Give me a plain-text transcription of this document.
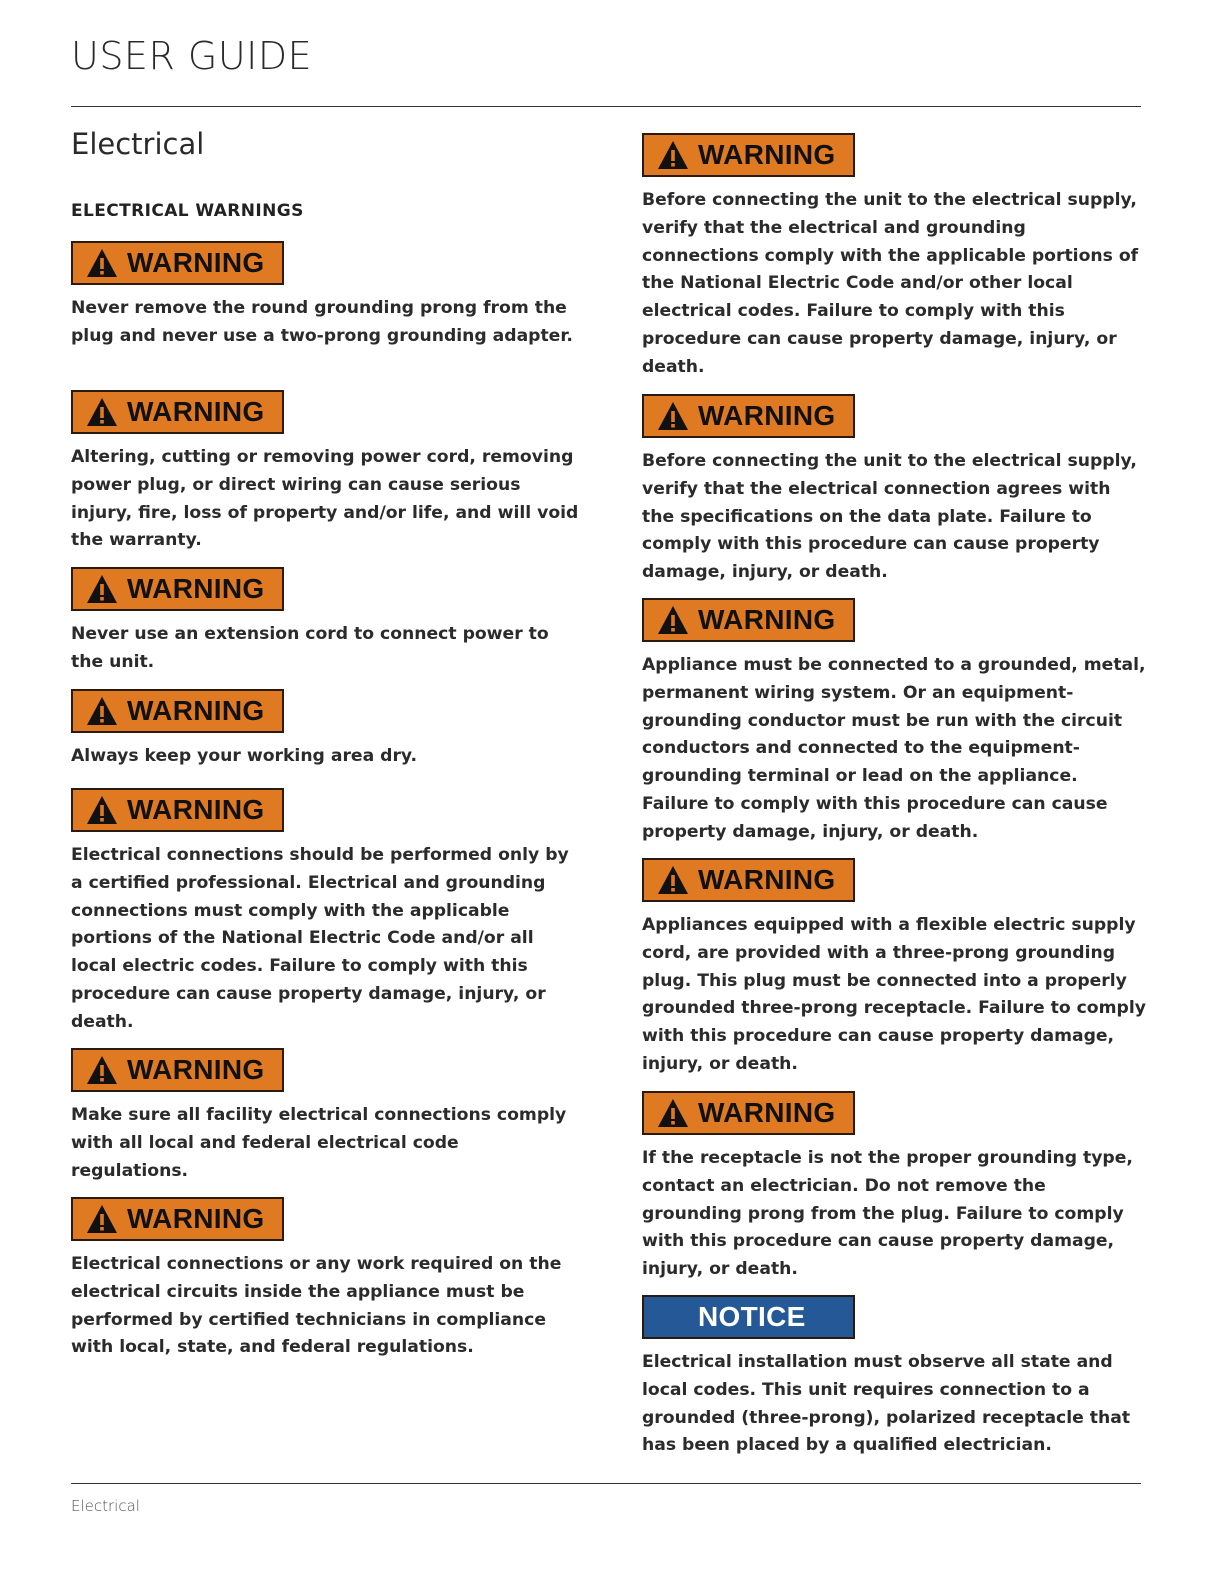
USER GUIDE
Electrical
ELECTRICAL WARNINGS
WARNING
Never remove the round grounding prong from the plug and never use a two-prong grounding adapter.
WARNING
Altering, cutting or removing power cord, removing power plug, or direct wiring can cause serious injury, fire, loss of property and/or life, and will void the warranty.
WARNING
Never use an extension cord to connect power to the unit.
WARNING
Always keep your working area dry.
WARNING
Electrical connections should be performed only by a certified professional. Electrical and grounding connections must comply with the applicable portions of the National Electric Code and/or all local electric codes. Failure to comply with this procedure can cause property damage, injury, or death.
WARNING
Make sure all facility electrical connections comply with all local and federal electrical code regulations.
WARNING
Electrical connections or any work required on the electrical circuits inside the appliance must be performed by certified technicians in compliance with local, state, and federal regulations.
WARNING
Before connecting the unit to the electrical supply, verify that the electrical and grounding connections comply with the applicable portions of the National Electric Code and/or other local electrical codes. Failure to comply with this procedure can cause property damage, injury, or death.
WARNING
Before connecting the unit to the electrical supply, verify that the electrical connection agrees with the specifications on the data plate. Failure to comply with this procedure can cause property damage, injury, or death.
WARNING
Appliance must be connected to a grounded, metal, permanent wiring system. Or an equipment-grounding conductor must be run with the circuit conductors and connected to the equipment-grounding terminal or lead on the appliance. Failure to comply with this procedure can cause property damage, injury, or death.
WARNING
Appliances equipped with a flexible electric supply cord, are provided with a three-prong grounding plug. This plug must be connected into a properly grounded three-prong receptacle. Failure to comply with this procedure can cause property damage, injury, or death.
WARNING
If the receptacle is not the proper grounding type, contact an electrician. Do not remove the grounding prong from the plug. Failure to comply with this procedure can cause property damage, injury, or death.
NOTICE
Electrical installation must observe all state and local codes. This unit requires connection to a grounded (three-prong), polarized receptacle that has been placed by a qualified electrician.
Electrical
